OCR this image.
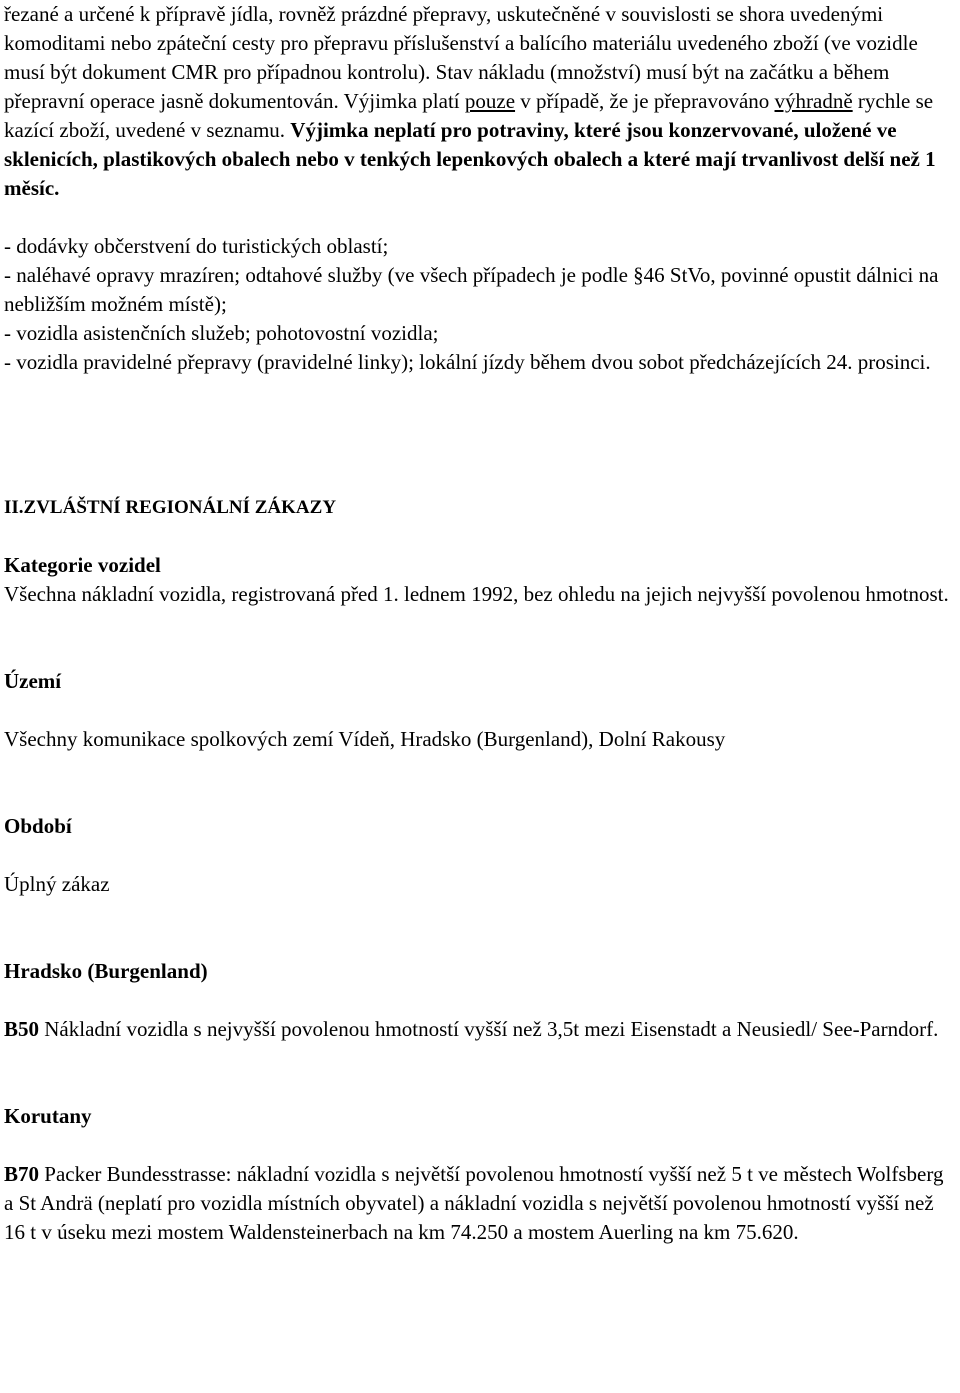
řezané a určené k přípravě jídla, rovněž prázdné přepravy, uskutečněné v souvislosti se shora uvedenými komoditami nebo zpáteční cesty pro přepravu příslušenství a balícího materiálu uvedeného zboží (ve vozidle musí být dokument CMR pro případnou kontrolu). Stav nákladu (množství) musí být na začátku a během přepravní operace jasně dokumentován. Výjimka platí pouze v případě, že je přepravováno výhradně rychle se kazící zboží, uvedené v seznamu. Výjimka neplatí pro potraviny, které jsou konzervované, uložené ve sklenicích, plastikových obalech nebo v tenkých lepenkových obalech a které mají trvanlivost delší než 1 měsíc.

- dodávky občerstvení do turistických oblastí;

- naléhavé opravy mrazíren; odtahové služby (ve všech případech je podle §46 StVo, povinné opustit dálnici na nebližším možném místě);

- vozidla asistenčních služeb; pohotovostní vozidla;

- vozidla pravidelné přepravy (pravidelné linky); lokální jízdy během dvou sobot předcházejících 24. prosinci.

II.ZVLÁŠTNÍ REGIONÁLNÍ ZÁKAZY

Kategorie vozidel

Všechna nákladní vozidla, registrovaná před 1. lednem 1992, bez ohledu na jejich nejvyšší povolenou hmotnost.

Území

Všechny komunikace spolkových zemí Vídeň, Hradsko (Burgenland), Dolní Rakousy

Období

Úplný zákaz

Hradsko (Burgenland)

B50 Nákladní vozidla s nejvyšší povolenou hmotností vyšší než 3,5t mezi Eisenstadt a Neusiedl/ See-Parndorf.

Korutany

B70 Packer Bundesstrasse: nákladní vozidla s největší povolenou hmotností vyšší než 5 t ve městech Wolfsberg a St Andrä (neplatí pro vozidla místních obyvatel) a nákladní vozidla s největší povolenou hmotností vyšší než 16 t v úseku mezi mostem Waldensteinerbach na km 74.250 a mostem Auerling na km 75.620.
